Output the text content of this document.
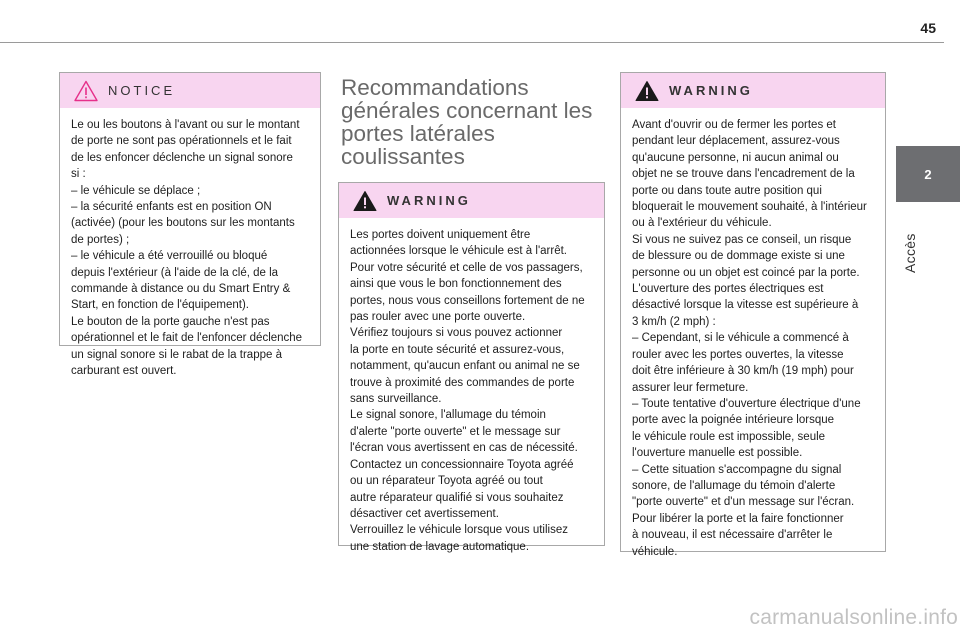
45
2
Accès
NOTICE
Le ou les boutons à l'avant ou sur le montant
de porte ne sont pas opérationnels et le fait
de les enfoncer déclenche un signal sonore
si :
– le véhicule se déplace ;
– la sécurité enfants est en position ON
(activée) (pour les boutons sur les montants
de portes) ;
– le véhicule a été verrouillé ou bloqué
depuis l'extérieur (à l'aide de la clé, de la
commande à distance ou du Smart Entry &
Start, en fonction de l'équipement).
Le bouton de la porte gauche n'est pas
opérationnel et le fait de l'enfoncer déclenche
un signal sonore si le rabat de la trappe à
carburant est ouvert.
Recommandations générales concernant les portes latérales coulissantes
WARNING
Les portes doivent uniquement être
actionnées lorsque le véhicule est à l'arrêt.
Pour votre sécurité et celle de vos passagers,
ainsi que vous le bon fonctionnement des
portes, nous vous conseillons fortement de ne
pas rouler avec une porte ouverte.
Vérifiez toujours si vous pouvez actionner
la porte en toute sécurité et assurez-vous,
notamment, qu'aucun enfant ou animal ne se
trouve à proximité des commandes de porte
sans surveillance.
Le signal sonore, l'allumage du témoin
d'alerte "porte ouverte" et le message sur
l'écran vous avertissent en cas de nécessité.
Contactez un concessionnaire Toyota agréé
ou un réparateur Toyota agréé ou tout
autre réparateur qualifié si vous souhaitez
désactiver cet avertissement.
Verrouillez le véhicule lorsque vous utilisez
une station de lavage automatique.
WARNING
Avant d'ouvrir ou de fermer les portes et
pendant leur déplacement, assurez-vous
qu'aucune personne, ni aucun animal ou
objet ne se trouve dans l'encadrement de la
porte ou dans toute autre position qui
bloquerait le mouvement souhaité, à l'intérieur
ou à l'extérieur du véhicule.
Si vous ne suivez pas ce conseil, un risque
de blessure ou de dommage existe si une
personne ou un objet est coincé par la porte.
L'ouverture des portes électriques est
désactivé lorsque la vitesse est supérieure à
3 km/h (2 mph) :
– Cependant, si le véhicule a commencé à
rouler avec les portes ouvertes, la vitesse
doit être inférieure à 30 km/h (19 mph) pour
assurer leur fermeture.
– Toute tentative d'ouverture électrique d'une
porte avec la poignée intérieure lorsque
le véhicule roule est impossible, seule
l'ouverture manuelle est possible.
– Cette situation s'accompagne du signal
sonore, de l'allumage du témoin d'alerte
"porte ouverte" et d'un message sur l'écran.
Pour libérer la porte et la faire fonctionner
à nouveau, il est nécessaire d'arrêter le
véhicule.
carmanualsonline.info
